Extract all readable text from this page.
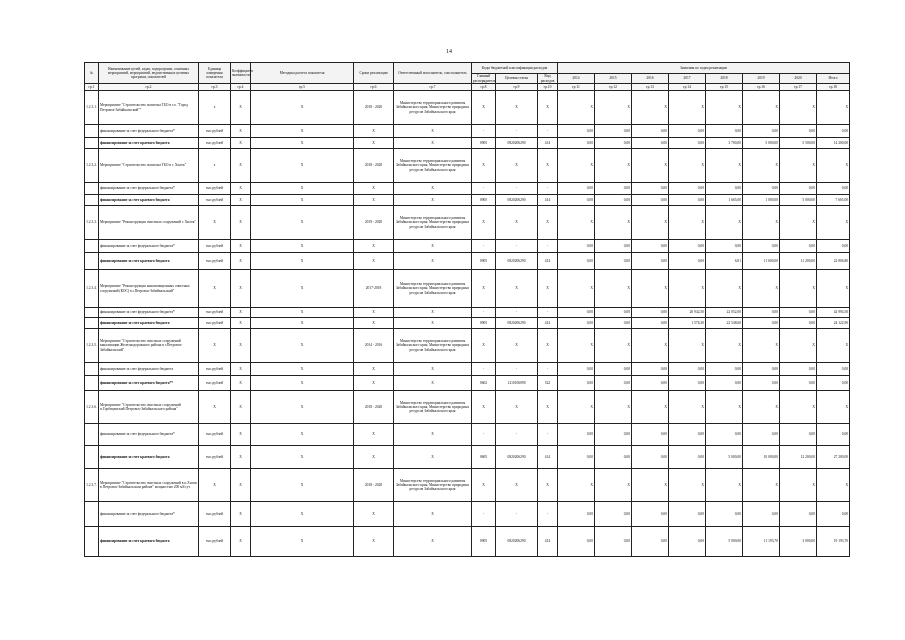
14
№	Наименование целей, задач, подпрограмм, основных мероприятий, мероприятий, ведомственных целевых программ, показателей	Единица измерения показателя	Коэффициент значимости	Методика расчета показателя	Сроки реализации	Ответственный исполнитель, соисполнитель	Коды бюджетной классификации расходов			Значения по годам реализации							
							Главный распорядитель	Целевая статья	Вид расходов	2014	2015	2016	2017	2018	2019	2020	Итого
гр.1	гр.2	гр.3	гр.4	гр.5	гр.6	гр.7	гр.8	гр.9	гр.10	гр.11	гр.12	гр.13	гр.14	гр.15	гр.16	гр.17	гр.18
1.2.3.1.	Мероприятие "Строительство полигона ТБО в г.о. "Город Петровск-Забайкальский""	х	Х	Х	2018 - 2020	Министерство территориального развития Забайкальского края; Министерство природных ресурсов Забайкальского края	Х	Х	Х	Х	Х	Х	Х	Х	Х	Х	Х
	финансирование за счет федерального бюджета*	тыс.рублей	Х	Х	Х	Х	-	-	-	0,00	0,00	0,00	0,00	0,00	0,00	0,00	0,00
	финансирование за счет краевого бюджета	тыс.рублей	Х	Х	Х	Х	0905	0820206290	414	0,00	0,00	0,00	0,00	3 700,00	5 000,00	5 500,00	14 200,00
1.2.3.2.	Мероприятие "Строительство полигона ТБО в г. Хилок"	х	Х	Х	2018 - 2020	Министерство территориального развития Забайкальского края; Министерство природных ресурсов Забайкальского края	Х	Х	Х	Х	Х	Х	Х	Х	Х	Х	Х
	финансирование за счет федерального бюджета*	тыс.рублей	Х	Х	Х	Х	-	-	-	0,00	0,00	0,00	0,00	0,00	0,00	0,00	0,00
	финансирование за счет краевого бюджета	тыс.рублей	Х	Х	Х	Х	0905	0820206290	414	0,00	0,00	0,00	0,00	1 665,00	1 000,00	5 000,00	7 665,00
1.2.3.3.	Мероприятие "Реконструкция очистных сооружений г. Хилок"	Х	Х	Х	2019 - 2020	Министерство территориального развития Забайкальского края; Министерство природных ресурсов Забайкальского края	Х	Х	Х	Х	Х	Х	Х	Х	Х	Х	Х
	финансирование за счет федерального бюджета*	тыс.рублей	Х	Х	Х	Х	-	-	-	0,00	0,00	0,00	0,00	0,00	0,00	0,00	0,00
	финансирование за счет краевого бюджета	тыс.рублей	Х	Х	Х	Х	0905	0820206290	414	0,00	0,00	0,00	0,00	6,81	11 600,00	11 200,00	22 806,80
1.2.3.4.	Мероприятие "Реконструкция канализационных очистных сооружений (КОС) в г.Петровск-Забайкальский"	Х	Х	Х	2017-2018	Министерство территориального развития Забайкальского края; Министерство природных ресурсов Забайкальского края	Х	Х	Х	Х	Х	Х	Х	Х	Х	Х	Х
	финансирование за счет федерального бюджета*	тыс.рублей	Х	Х	Х	Х	-	-	-	0,00	0,00	0,00	20 942,50	22 052,00	0,00	0,00	42 994,50
	финансирование за счет краевого бюджета	тыс.рублей	Х	Х	Х	Х	0905	0820206290	414	0,00	0,00	0,00	1 576,30	22 548,60	0,00	0,00	24 122,90
1.2.3.5.	Мероприятие "Строительство очистных сооружений канализации Железнодорожного района в г.Петровск-Забайкальский"	Х	Х	Х	2014 - 2016	Министерство территориального развития Забайкальского края; Министерство природных ресурсов Забайкальского края	Х	Х	Х	Х	Х	Х	Х	Х	Х	Х	Х
	финансирование за счет федерального бюджета	тыс.рублей	Х	Х	Х	Х	-	-	-	0,00	0,00	0,00	0,00	0,00	0,00	0,00	0,00
	финансирование за счет краевого бюджета**	тыс.рублей	Х	Х	Х	Х	0602	1210106090	522	0,00	0,00	0,00	0,00	0,00	0,00	0,00	0,00
1.2.3.6.	Мероприятие "Строительство очистных сооружений п.Горбиценский Петровск-Забайкальского района"	Х	Х	Х	2018 - 2020	Министерство территориального развития Забайкальского края; Министерство природных ресурсов Забайкальского края	Х	Х	Х	Х	Х	Х	Х	Х	Х	Х	Х
	финансирование за счет федерального бюджета*	тыс.рублей	Х	Х	Х	Х	-	-	-	0,00	0,00	0,00	0,00	0,00	0,00	0,00	0,00
	финансирование за счет краевого бюджета	тыс.рублей	Х	Х	Х	Х	0605	0820206290	414	0,00	0,00	0,00	0,00	5 000,00	10 000,00	12 200,00	27 200,00
1.2.3.7.	Мероприятие "Строительство очистных сооружений в п.Хилок в Петровск-Забайкальском районе" мощностью 200 м3/сут	Х	Х	Х	2018 - 2020	Министерство территориального развития Забайкальского края; Министерство природных ресурсов Забайкальского края	Х	Х	Х	Х	Х	Х	Х	Х	Х	Х	Х
	финансирование за счет федерального бюджета*	тыс.рублей	Х	Х	Х	Х	-	-	-	0,00	0,00	0,00	0,00	0,00	0,00	0,00	0,00
	финансирование за счет краевого бюджета	тыс.рублей	Х	Х	Х	Х	0905	0820206290	414	0,00	0,00	0,00	0,00	5 000,00	11 193,70	3 000,00	19 193,70
